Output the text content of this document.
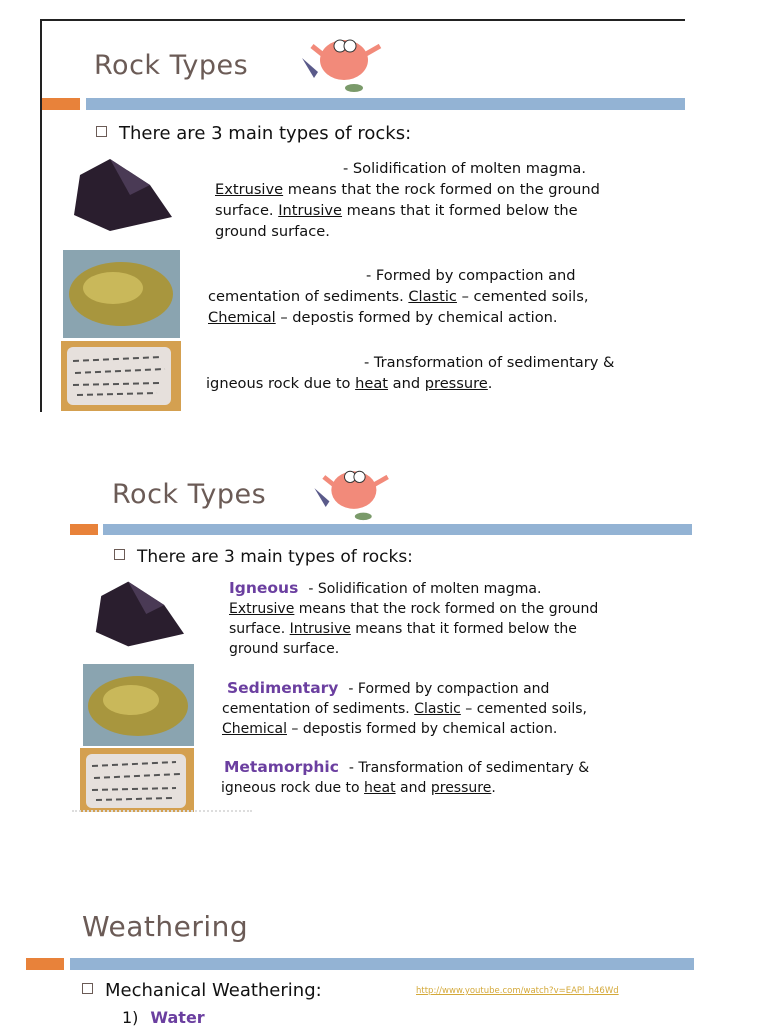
Rock Types
There are 3 main types of rocks:
- Solidification of molten magma.
Extrusive means that the rock formed on the ground
surface. Intrusive means that it formed below the
ground surface.
- Formed by compaction and
cementation of sediments. Clastic – cemented soils,
Chemical – depostis formed by chemical action.
- Transformation of sedimentary &
igneous rock due to heat and pressure.
Rock Types
There are 3 main types of rocks:
Igneous - Solidification of molten magma.
Extrusive means that the rock formed on the ground
surface. Intrusive means that it formed below the
ground surface.
Sedimentary - Formed by compaction and
cementation of sediments. Clastic – cemented soils,
Chemical – depostis formed by chemical action.
Metamorphic - Transformation of sedimentary &
igneous rock due to heat and pressure.
Weathering
Mechanical Weathering:	http://www.youtube.com/watch?v=EAPl_h46Wd
1) Water
